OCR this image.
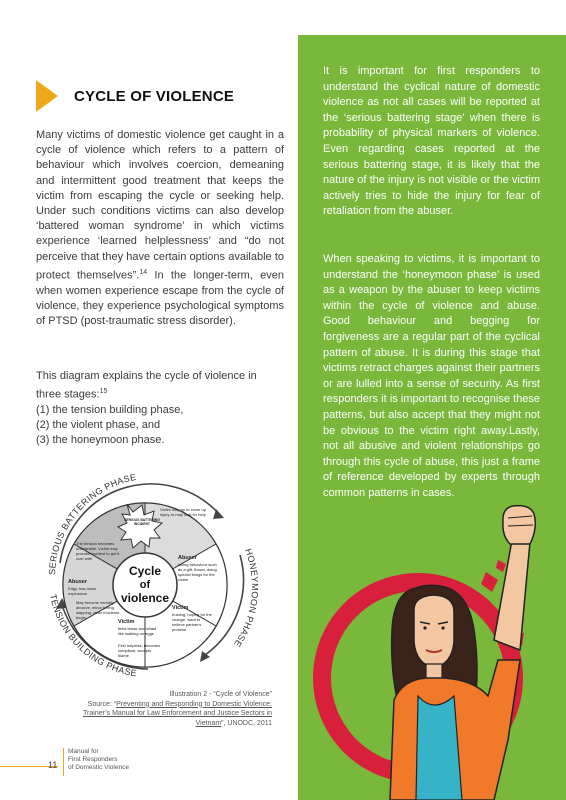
CYCLE OF VIOLENCE
Many victims of domestic violence get caught in a cycle of violence which refers to a pattern of behaviour which involves coercion, demeaning and intermittent good treatment that keeps the victim from escaping the cycle or seeking help. Under such conditions victims can also develop ‘battered woman syndrome’ in which victims experience ‘learned helplessness’ and “do not perceive that they have certain options available to protect themselves”.$^{14}$ In the longer-term, even when women experience escape from the cycle of violence, they experience psychological symptoms of PTSD (post-traumatic stress disorder).
This diagram explains the cycle of violence in three stages:$^{15}$
(1) the tension building phase,
(2) the violent phase, and
(3) the honeymoon phase.
SERIOUS BATTERING PHASE
HONEYMOON PHASE
TENSION BUILDING PHASE
Cycle
of
violence
SERIOUS BATTERING INCIDENT
Victim may try to cover up injury or may look for help
The tension becomes unbearable. Victim may provoke incident to get it over with	Abuser
loving behaviour such as a gift, flower, doing special things for the victim
Victim
trusting, hoping for the change, want to believe partner's promise
Victim
feels tense and afraid like walking on eggs
Feel helpless, becomes compliant, accepts blame
Abuser
Edgy, has minor explosions
May become verbally abusive, minor hitting, slapping, other incidents begin
Illustration 2 - “Cycle of Violence”
Source: “Preventing and Responding to Domestic Violence: Trainer’s Manual for Law Enforcement and Justice Sectors in Vietnam”, UNODC, 2011
It is important for first responders to understand the cyclical nature of domestic violence as not all cases will be reported at the ‘serious battering stage’ when there is probability of physical markers of violence. Even regarding cases reported at the serious battering stage, it is likely that the nature of the injury is not visible or the victim actively tries to hide the injury for fear of retaliation from the abuser.
When speaking to victims, it is important to understand the ‘honeymoon phase’ is used as a weapon by the abuser to keep victims within the cycle of violence and abuse. Good behaviour and begging for forgiveness are a regular part of the cyclical pattern of abuse. It is during this stage that victims retract charges against their partners or are lulled into a sense of security. As first responders it is important to recognise these patterns, but also accept that they might not be obvious to the victim right away.Lastly, not all abusive and violent relationships go through this cycle of abuse, this just a frame of reference developed by experts through common patterns in cases.
11
Manual for
First Responders
of Domestic Violence
